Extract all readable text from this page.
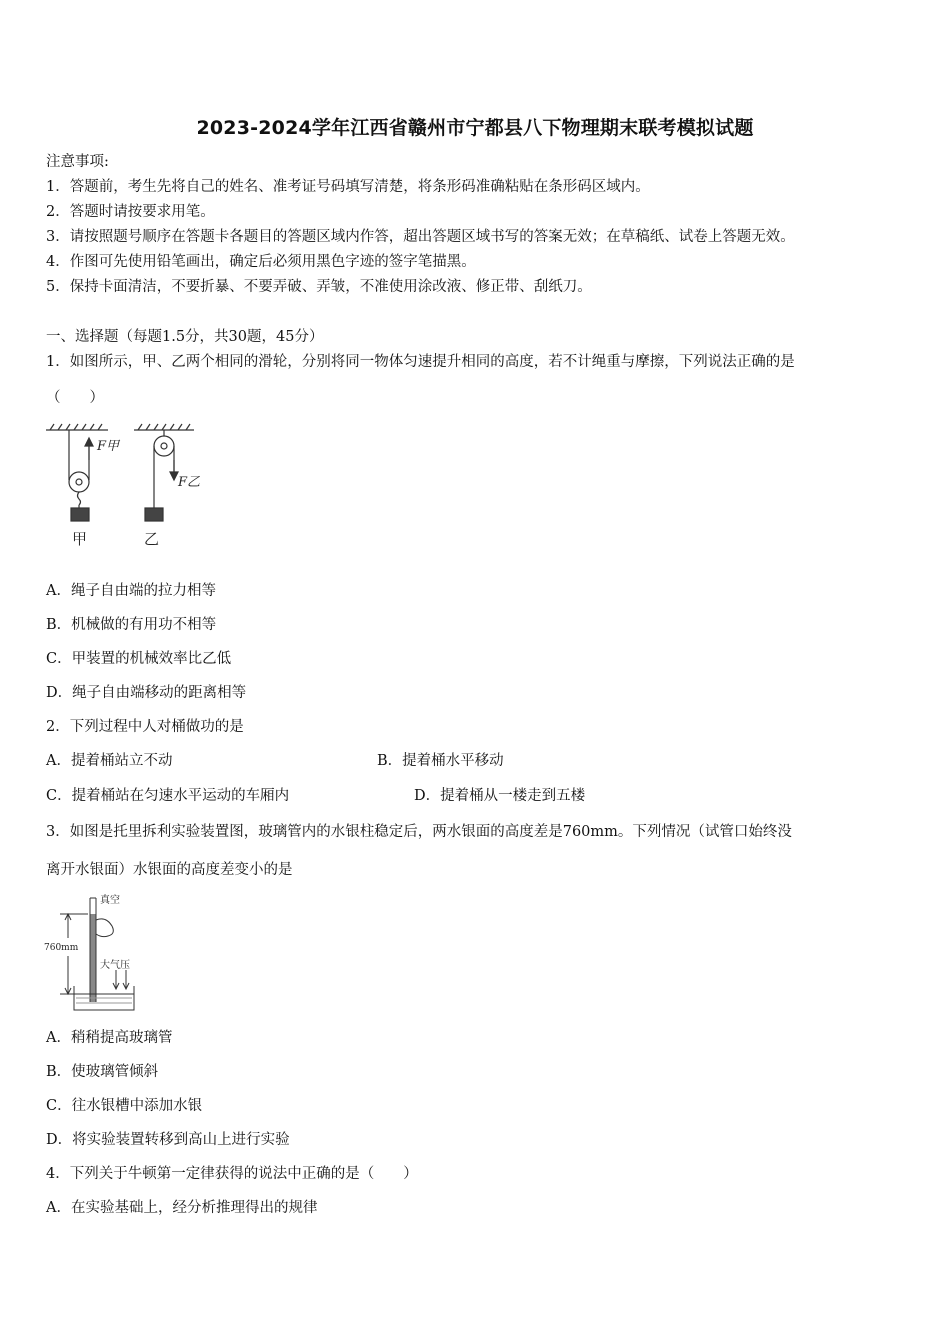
2023-2024学年江西省赣州市宁都县八下物理期末联考模拟试题
注意事项:
1．答题前，考生先将自己的姓名、准考证号码填写清楚，将条形码准确粘贴在条形码区域内。
2．答题时请按要求用笔。
3．请按照题号顺序在答题卡各题目的答题区域内作答，超出答题区域书写的答案无效；在草稿纸、试卷上答题无效。
4．作图可先使用铅笔画出，确定后必须用黑色字迹的签字笔描黑。
5．保持卡面清洁，不要折暴、不要弄破、弄皱，不准使用涂改液、修正带、刮纸刀。
一、选择题（每题1.5分，共30题，45分）
1．如图所示，甲、乙两个相同的滑轮，分别将同一物体匀速提升相同的高度，若不计绳重与摩擦，下列说法正确的是
（　　）
F甲
F乙
甲	乙
A．绳子自由端的拉力相等
B．机械做的有用功不相等
C．甲装置的机械效率比乙低
D．绳子自由端移动的距离相等
2．下列过程中人对桶做功的是
A．提着桶站立不动	B．提着桶水平移动
C．提着桶站在匀速水平运动的车厢内	D．提着桶从一楼走到五楼
3．如图是托里拆利实验装置图，玻璃管内的水银柱稳定后，两水银面的高度差是760mm。下列情况（试管口始终没
离开水银面）水银面的高度差变小的是
真空
760mm
大气压
A．稍稍提高玻璃管
B．使玻璃管倾斜
C．往水银槽中添加水银
D．将实验装置转移到高山上进行实验
4．下列关于牛顿第一定律获得的说法中正确的是（　　）
A．在实验基础上，经分析推理得出的规律
